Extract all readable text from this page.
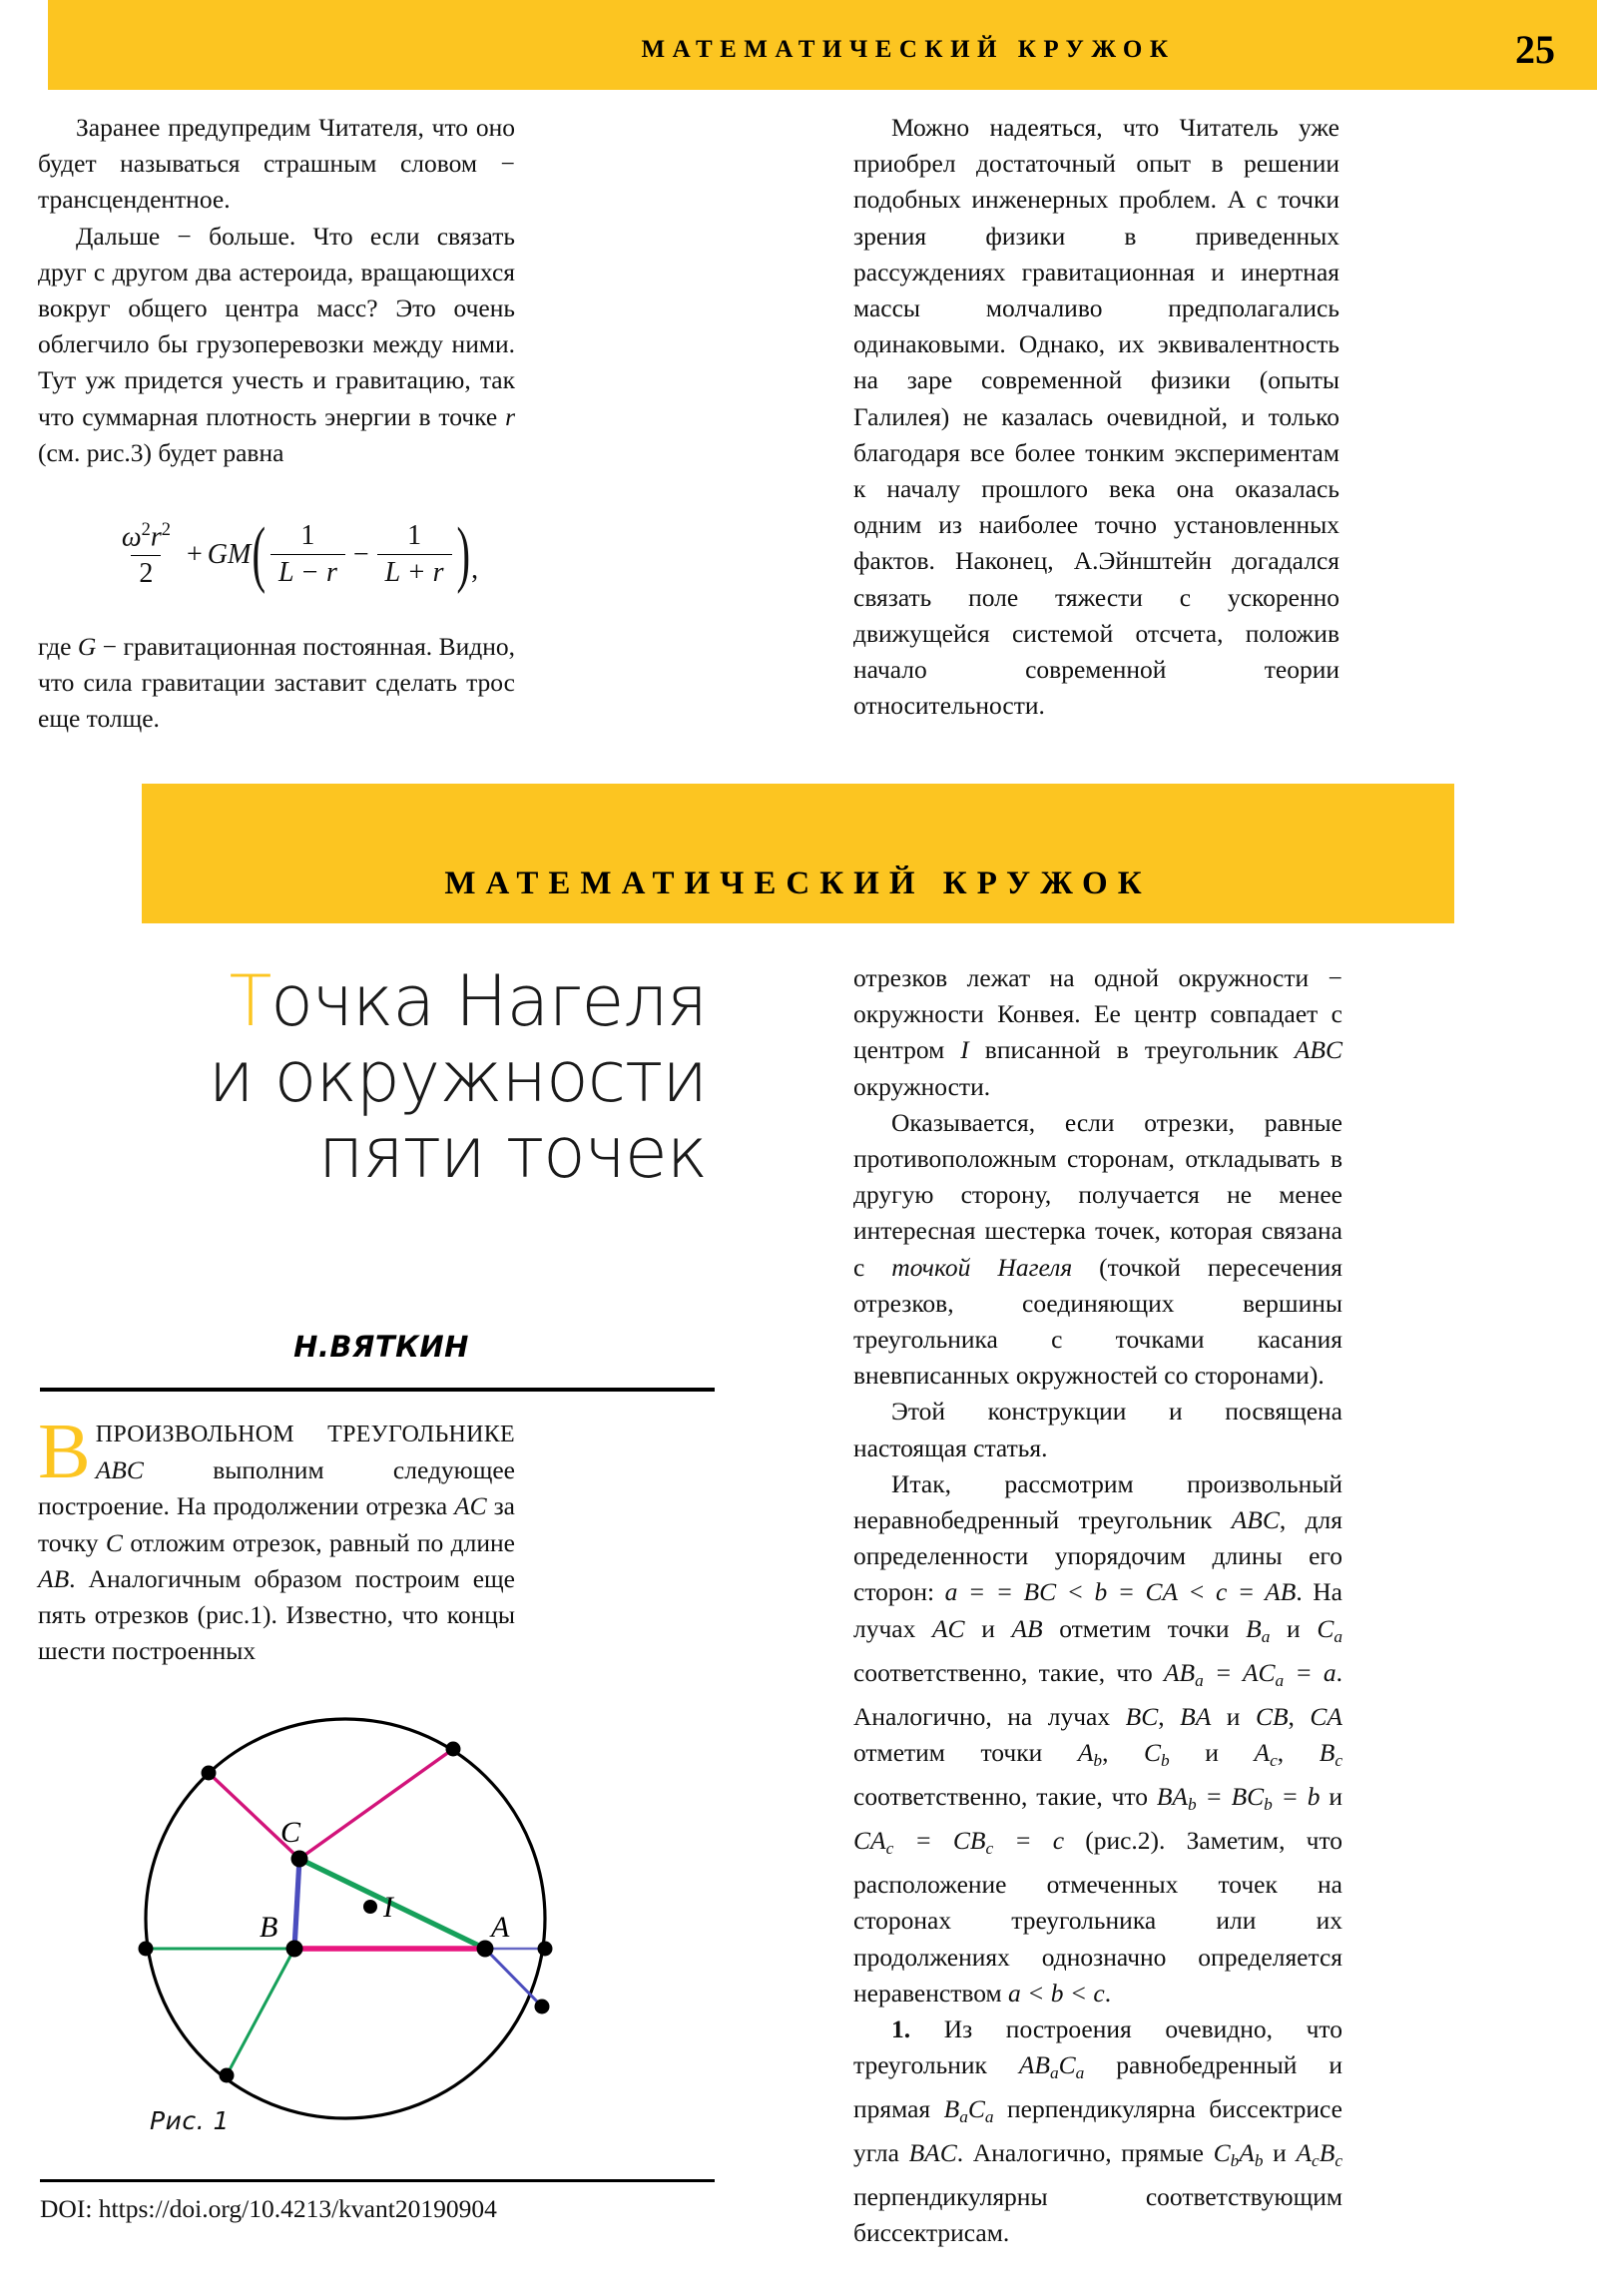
МАТЕМАТИЧЕСКИЙ КРУЖОК	25

Заранее предупредим Читателя, что оно будет называться страшным словом − трансцендентное.

Дальше − больше. Что если связать друг с другом два астероида, вращающихся вокруг общего центра масс? Это очень облегчило бы грузоперевозки между ними. Тут уж придется учесть и гравитацию, так что суммарная плотность энергии в точке r (см. рис.3) будет равна

$\frac{\omega^2r^2}{2}$ + GM ( $\frac{1}{L - r} - \frac{1}{L + r}$ ) ,

где G − гравитационная постоянная. Видно, что сила гравитации заставит сделать трос еще толще.

Можно надеяться, что Читатель уже приобрел достаточный опыт в решении подобных инженерных проблем. А с точки зрения физики в приведенных рассуждениях гравитационная и инертная массы молчаливо предполагались одинаковыми. Однако, их эквивалентность на заре современной физики (опыты Галилея) не казалась очевидной, и только благодаря все более тонким экспериментам к началу прошлого века она оказалась одним из наиболее точно установленных фактов. Наконец, А.Эйнштейн догадался связать поле тяжести с ускоренно движущейся системой отсчета, положив начало современной теории относительности.

МАТЕМАТИЧЕСКИЙ КРУЖОК
Точка Нагеля
и окружности
пяти точек
Н.ВЯТКИН

ВПРОИЗВОЛЬНОМ ТРЕУГОЛЬНИКЕ ABC выполним следующее построение. На продолжении отрезка AC за точку C отложим отрезок, равный по длине AB. Аналогичным образом построим еще пять отрезков (рис.1). Известно, что концы шести построенных

C
B	A
I
Рис. 1
DOI: https://doi.org/10.4213/kvant20190904

отрезков лежат на одной окружности − окружности Конвея. Ее центр совпадает с центром I вписанной в треугольник ABC окружности.

Оказывается, если отрезки, равные противоположным сторонам, откладывать в другую сторону, получается не менее интересная шестерка точек, которая связана с точкой Нагеля (точкой пересечения отрезков, соединяющих вершины треугольника с точками касания вневписанных окружностей со сторонами).

Этой конструкции и посвящена настоящая статья.

Итак, рассмотрим произвольный неравнобедренный треугольник ABC, для определенности упорядочим длины его сторон: a = = BC < b = CA < c = AB. На лучах AC и AB отметим точки $B_a$ и $C_a$ соответственно, такие, что $AB_a = AC_a = a$. Аналогично, на лучах BC, BA и CB, CA отметим точки $A_b$, $C_b$ и $A_c$, $B_c$ соответственно, такие, что $BA_b = BC_b = b$ и $CA_c = CB_c = c$ (рис.2). Заметим, что расположение отмеченных точек на сторонах треугольника или их продолжениях однозначно определяется неравенством a < b < c.

1. Из построения очевидно, что треугольник $AB_aC_a$ равнобедренный и прямая $B_aC_a$ перпендикулярна биссектрисе угла BAC. Аналогично, прямые $C_bA_b$ и $A_cB_c$ перпендикулярны соответствующим биссектрисам.
